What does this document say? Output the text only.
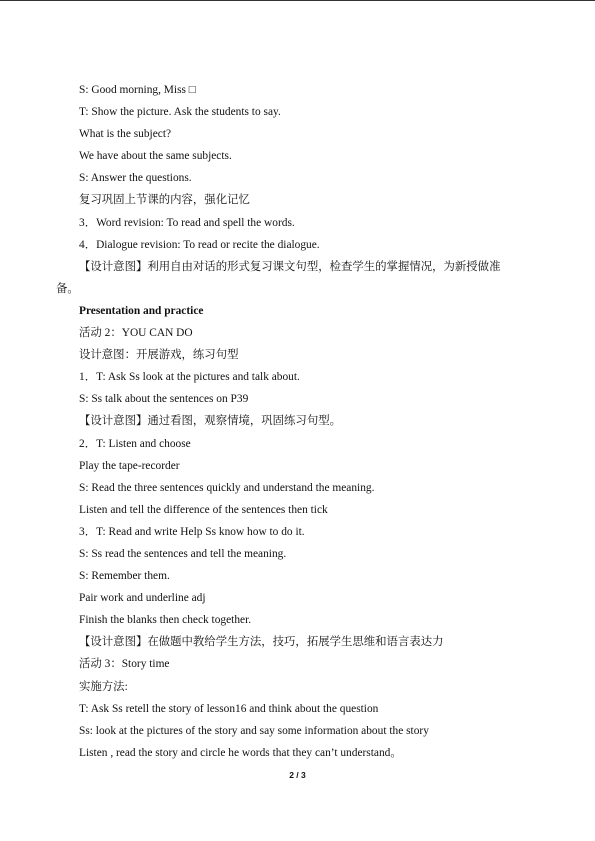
S: Good morning, Miss □
T: Show the picture. Ask the students to say.
What is the subject?
We have about the same subjects.
S: Answer the questions.
复习巩固上节课的内容，强化记忆
3．Word revision: To read and spell the words.
4．Dialogue revision: To read or recite the dialogue.
【设计意图】利用自由对话的形式复习课文句型，检查学生的掌握情况，为新授做准
备。
Presentation and practice
活动 2：YOU CAN DO
设计意图：开展游戏，练习句型
1．T: Ask Ss look at the pictures and talk about.
S: Ss talk about the sentences on P39
【设计意图】通过看图，观察情境，巩固练习句型。
2．T: Listen and choose
Play the tape-recorder
S: Read the three sentences quickly and understand the meaning.
Listen and tell the difference of the sentences then tick
3．T: Read and write Help Ss know how to do it.
S: Ss read the sentences and tell the meaning.
S: Remember them.
Pair work and underline adj
Finish the blanks then check together.
【设计意图】在做题中教给学生方法，技巧，拓展学生思维和语言表达力
活动 3：Story time
实施方法:
T: Ask Ss retell the story of lesson16 and think about the question
Ss: look at the pictures of the story and say some information about the story
Listen , read the story and circle he words that they can’t understand。
2 / 3
